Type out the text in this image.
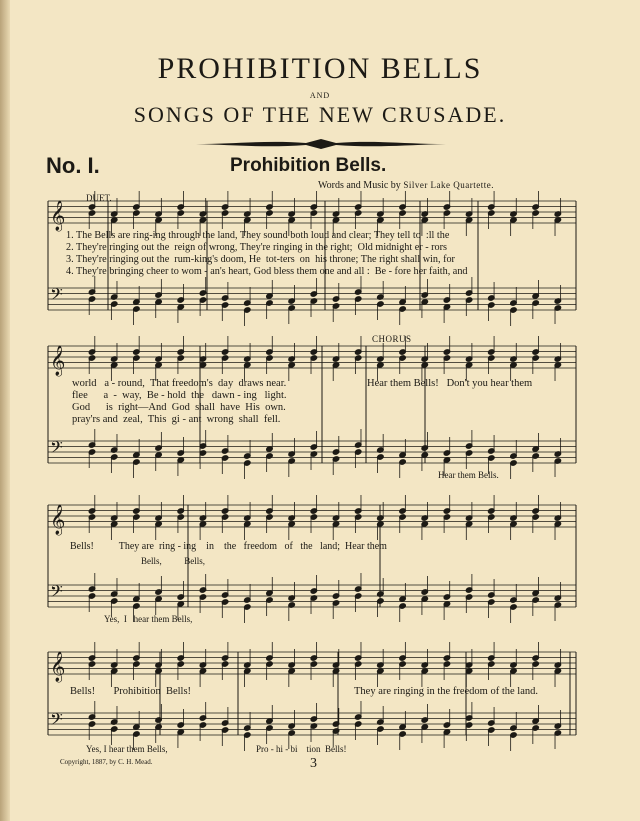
PROHIBITION BELLS
AND
SONGS OF THE NEW CRUSADE.
No. I.	Prohibition Bells.
Words and Music by Silver Lake Quartette.
𝄞
𝄢
𝄞
𝄢
𝄞
𝄢
𝄞
𝄢
DUET.
CHORUS
1. The Bells are ring-ing through the land, They sound both loud and clear; They tell to  :ll the
2. They're ringing out the  reign of wrong, They're ringing in the right;  Old midnight er - rors
3. They're ringing out the  rum-king's doom, He  tot-ters  on  his throne; The right shall win, for
4. They're bringing cheer to wom - an's heart, God bless them one and all :  Be - fore her faith, and
world   a - round,  That freedom's  day  draws near.
flee      a  -  way,  Be - hold  the   dawn - ing   light.
God      is  right—And  God  shall  have  His  own.
pray'rs and  zeal,  This  gi - ant  wrong  shall  fell.
Hear them Bells!   Don't you hear them
Hear them Bells.
Bells!          They are  ring - ing    in    the   freedom   of   the   land;  Hear them
Bells,          Bells,
Yes,  I   hear them Bells,
Bells!       Prohibition  Bells!	They are ringing in the freedom of the land.
Yes, I hear them Bells,	Pro - hi - bi    tion  Bells!
Copyright, 1887, by C. H. Mead.	3
